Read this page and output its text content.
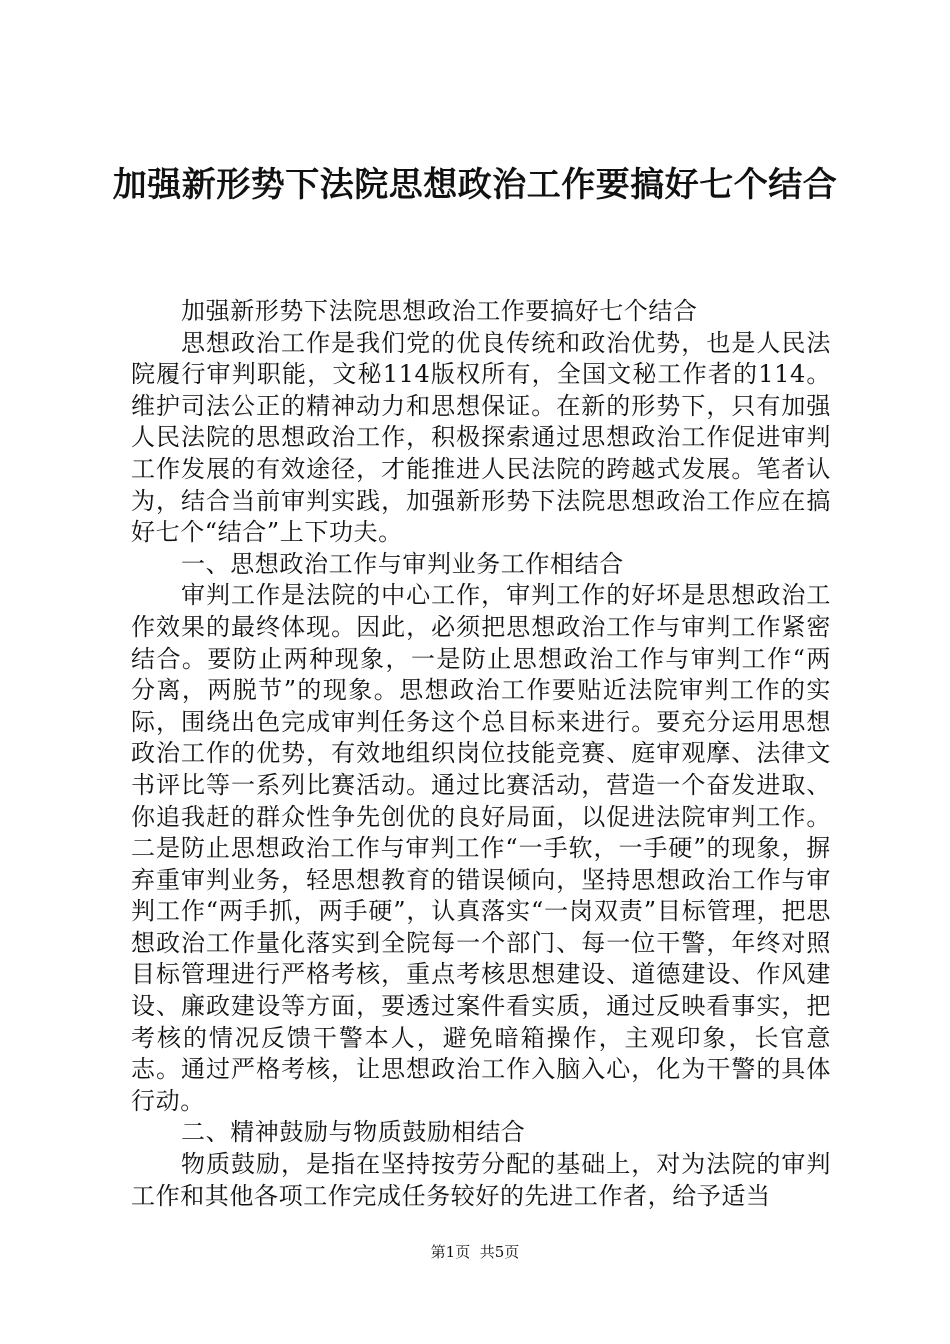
加强新形势下法院思想政治工作要搞好七个结合

加强新形势下法院思想政治工作要搞好七个结合

思想政治工作是我们党的优良传统和政治优势，也是人民法院履行审判职能，文秘114版权所有，全国文秘工作者的114。维护司法公正的精神动力和思想保证。在新的形势下，只有加强人民法院的思想政治工作，积极探索通过思想政治工作促进审判工作发展的有效途径，才能推进人民法院的跨越式发展。笔者认为，结合当前审判实践，加强新形势下法院思想政治工作应在搞好七个“结合”上下功夫。

一、思想政治工作与审判业务工作相结合

审判工作是法院的中心工作，审判工作的好坏是思想政治工作效果的最终体现。因此，必须把思想政治工作与审判工作紧密结合。要防止两种现象，一是防止思想政治工作与审判工作“两分离，两脱节”的现象。思想政治工作要贴近法院审判工作的实际，围绕出色完成审判任务这个总目标来进行。要充分运用思想政治工作的优势，有效地组织岗位技能竞赛、庭审观摩、法律文书评比等一系列比赛活动。通过比赛活动，营造一个奋发进取、你追我赶的群众性争先创优的良好局面，以促进法院审判工作。二是防止思想政治工作与审判工作“一手软，一手硬”的现象，摒弃重审判业务，轻思想教育的错误倾向，坚持思想政治工作与审判工作“两手抓，两手硬”，认真落实“一岗双责”目标管理，把思想政治工作量化落实到全院每一个部门、每一位干警，年终对照目标管理进行严格考核，重点考核思想建设、道德建设、作风建设、廉政建设等方面，要透过案件看实质，通过反映看事实，把考核的情况反馈干警本人，避免暗箱操作，主观印象，长官意志。通过严格考核，让思想政治工作入脑入心，化为干警的具体行动。

二、精神鼓励与物质鼓励相结合

物质鼓励，是指在坚持按劳分配的基础上，对为法院的审判工作和其他各项工作完成任务较好的先进工作者，给予适当

第1页 共5页
